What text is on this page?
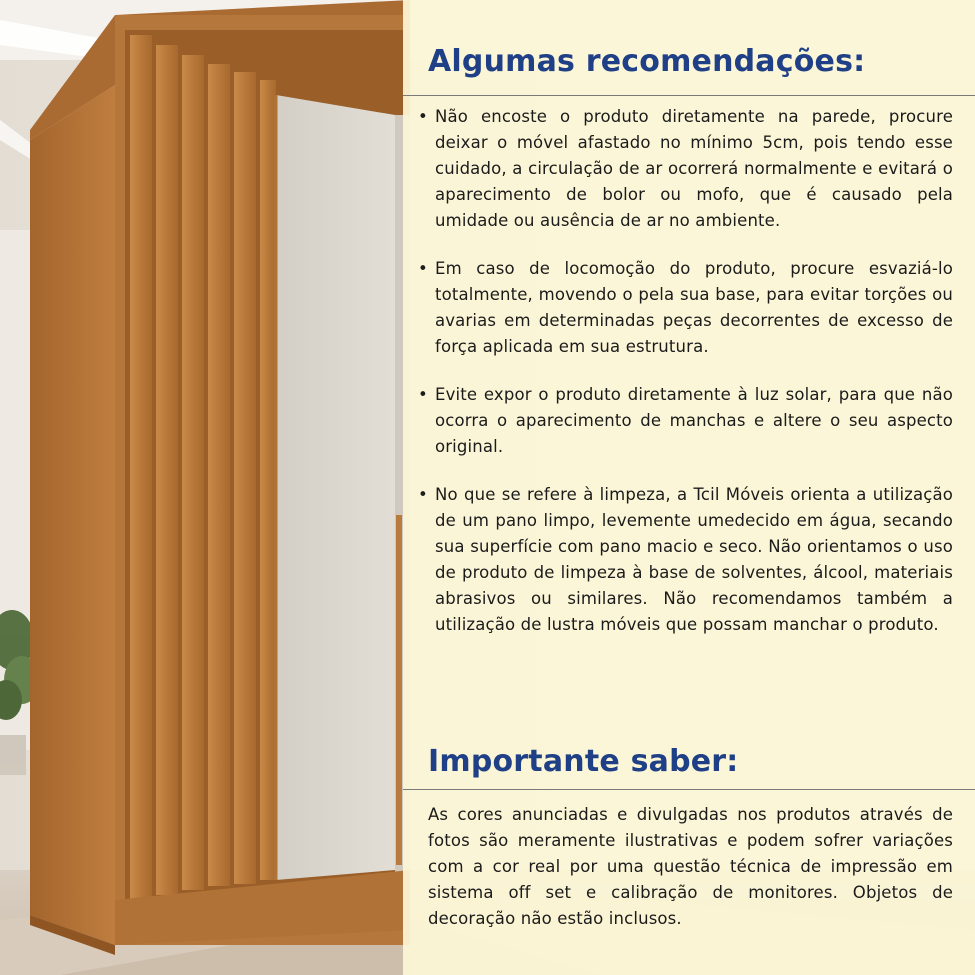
Algumas recomendações:
• Não encoste o produto diretamente na parede, procure deixar o móvel afastado no mínimo 5cm, pois tendo esse cuidado, a circulação de ar ocorrerá normalmente e evitará o aparecimento de bolor ou mofo, que é causado pela umidade ou ausência de ar no ambiente.
• Em caso de locomoção do produto, procure esvaziá-lo totalmente, movendo o pela sua base, para evitar torções ou avarias em determinadas peças decorrentes de excesso de força aplicada em sua estrutura.
• Evite expor o produto diretamente à luz solar, para que não ocorra o aparecimento de manchas e altere o seu aspecto original.
• No que se refere à limpeza, a Tcil Móveis orienta a utilização de um pano limpo, levemente umedecido em água, secando sua superfície com pano macio e seco. Não orientamos o uso de produto de limpeza à base de solventes, álcool, materiais abrasivos ou similares. Não recomendamos também a utilização de lustra móveis que possam manchar o produto.
Importante saber:

As cores anunciadas e divulgadas nos produtos através de fotos são meramente ilustrativas e podem sofrer variações com a cor real por uma questão técnica de impressão em sistema off set e calibração de monitores. Objetos de decoração não estão inclusos.
